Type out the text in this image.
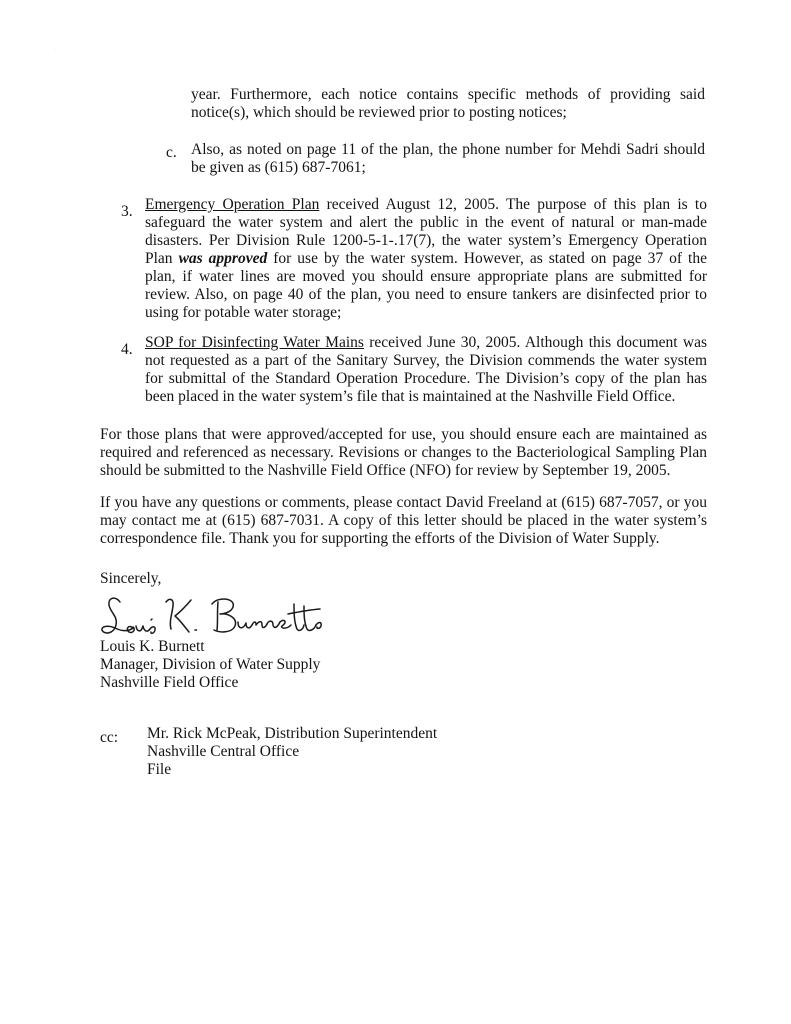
· · ·
year. Furthermore, each notice contains specific methods of providing said
notice(s), which should be reviewed prior to posting notices;
c. Also, as noted on page 11 of the plan, the phone number for Mehdi Sadri should
be given as (615) 687-7061;
3. Emergency Operation Plan received August 12, 2005. The purpose of this plan is to
safeguard the water system and alert the public in the event of natural or man-made
disasters. Per Division Rule 1200-5-1-.17(7), the water system’s Emergency Operation
Plan was approved for use by the water system. However, as stated on page 37 of the
plan, if water lines are moved you should ensure appropriate plans are submitted for
review. Also, on page 40 of the plan, you need to ensure tankers are disinfected prior to
using for potable water storage;
4. SOP for Disinfecting Water Mains received June 30, 2005. Although this document was
not requested as a part of the Sanitary Survey, the Division commends the water system
for submittal of the Standard Operation Procedure. The Division’s copy of the plan has
been placed in the water system’s file that is maintained at the Nashville Field Office.
For those plans that were approved/accepted for use, you should ensure each are maintained as
required and referenced as necessary. Revisions or changes to the Bacteriological Sampling Plan
should be submitted to the Nashville Field Office (NFO) for review by September 19, 2005.
If you have any questions or comments, please contact David Freeland at (615) 687-7057, or you
may contact me at (615) 687-7031. A copy of this letter should be placed in the water system’s
correspondence file. Thank you for supporting the efforts of the Division of Water Supply.
Sincerely,
Louis K. Burnett
Manager, Division of Water Supply
Nashville Field Office
cc: Mr. Rick McPeak, Distribution Superintendent
Nashville Central Office
File
